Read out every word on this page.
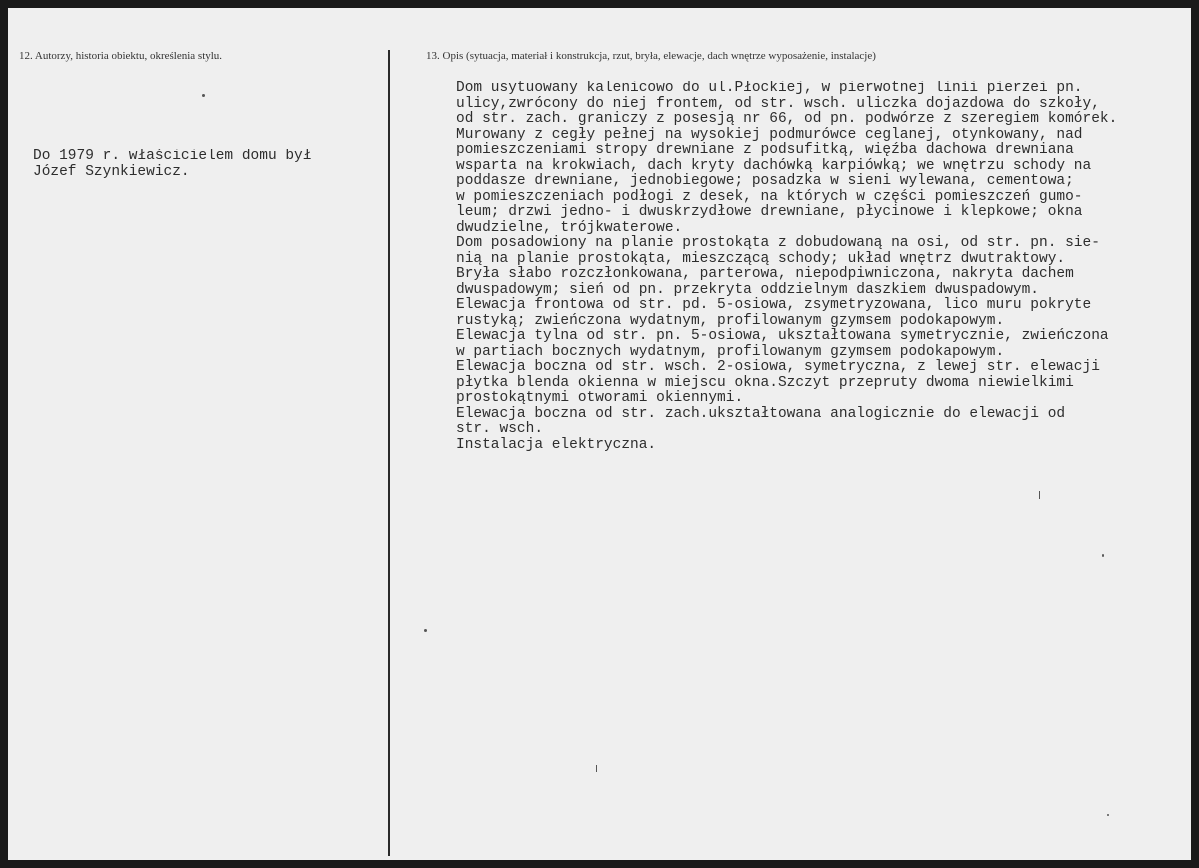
12. Autorzy, historia obiektu, określenia stylu.	13. Opis (sytuacja, materiał i konstrukcja, rzut, bryła, elewacje, dach wnętrze wyposażenie, instalacje)

Do 1979 r. właścicielem domu był
Józef Szynkiewicz.
Dom usytuowany kalenicowo do ul.Płockiej, w pierwotnej linii pierzei pn.
ulicy,zwrócony do niej frontem, od str. wsch. uliczka dojazdowa do szkoły,
od str. zach. graniczy z posesją nr 66, od pn. podwórze z szeregiem komórek.
Murowany z cegły pełnej na wysokiej podmurówce ceglanej, otynkowany, nad
pomieszczeniami stropy drewniane z podsufitką, więźba dachowa drewniana
wsparta na krokwiach, dach kryty dachówką karpiówką; we wnętrzu schody na
poddasze drewniane, jednobiegowe; posadzka w sieni wylewana, cementowa;
w pomieszczeniach podłogi z desek, na których w części pomieszczeń gumo-
leum; drzwi jedno- i dwuskrzydłowe drewniane, płycinowe i klepkowe; okna
dwudzielne, trójkwaterowe.
Dom posadowiony na planie prostokąta z dobudowaną na osi, od str. pn. sie-
nią na planie prostokąta, mieszczącą schody; układ wnętrz dwutraktowy.
Bryła słabo rozczłonkowana, parterowa, niepodpiwniczona, nakryta dachem
dwuspadowym; sień od pn. przekryta oddzielnym daszkiem dwuspadowym.
Elewacja frontowa od str. pd. 5-osiowa, zsymetryzowana, lico muru pokryte
rustyką; zwieńczona wydatnym, profilowanym gzymsem podokapowym.
Elewacja tylna od str. pn. 5-osiowa, ukształtowana symetrycznie, zwieńczona
w partiach bocznych wydatnym, profilowanym gzymsem podokapowym.
Elewacja boczna od str. wsch. 2-osiowa, symetryczna, z lewej str. elewacji
płytka blenda okienna w miejscu okna.Szczyt przepruty dwoma niewielkimi
prostokątnymi otworami okiennymi.
Elewacja boczna od str. zach.ukształtowana analogicznie do elewacji od
str. wsch.
Instalacja elektryczna.
